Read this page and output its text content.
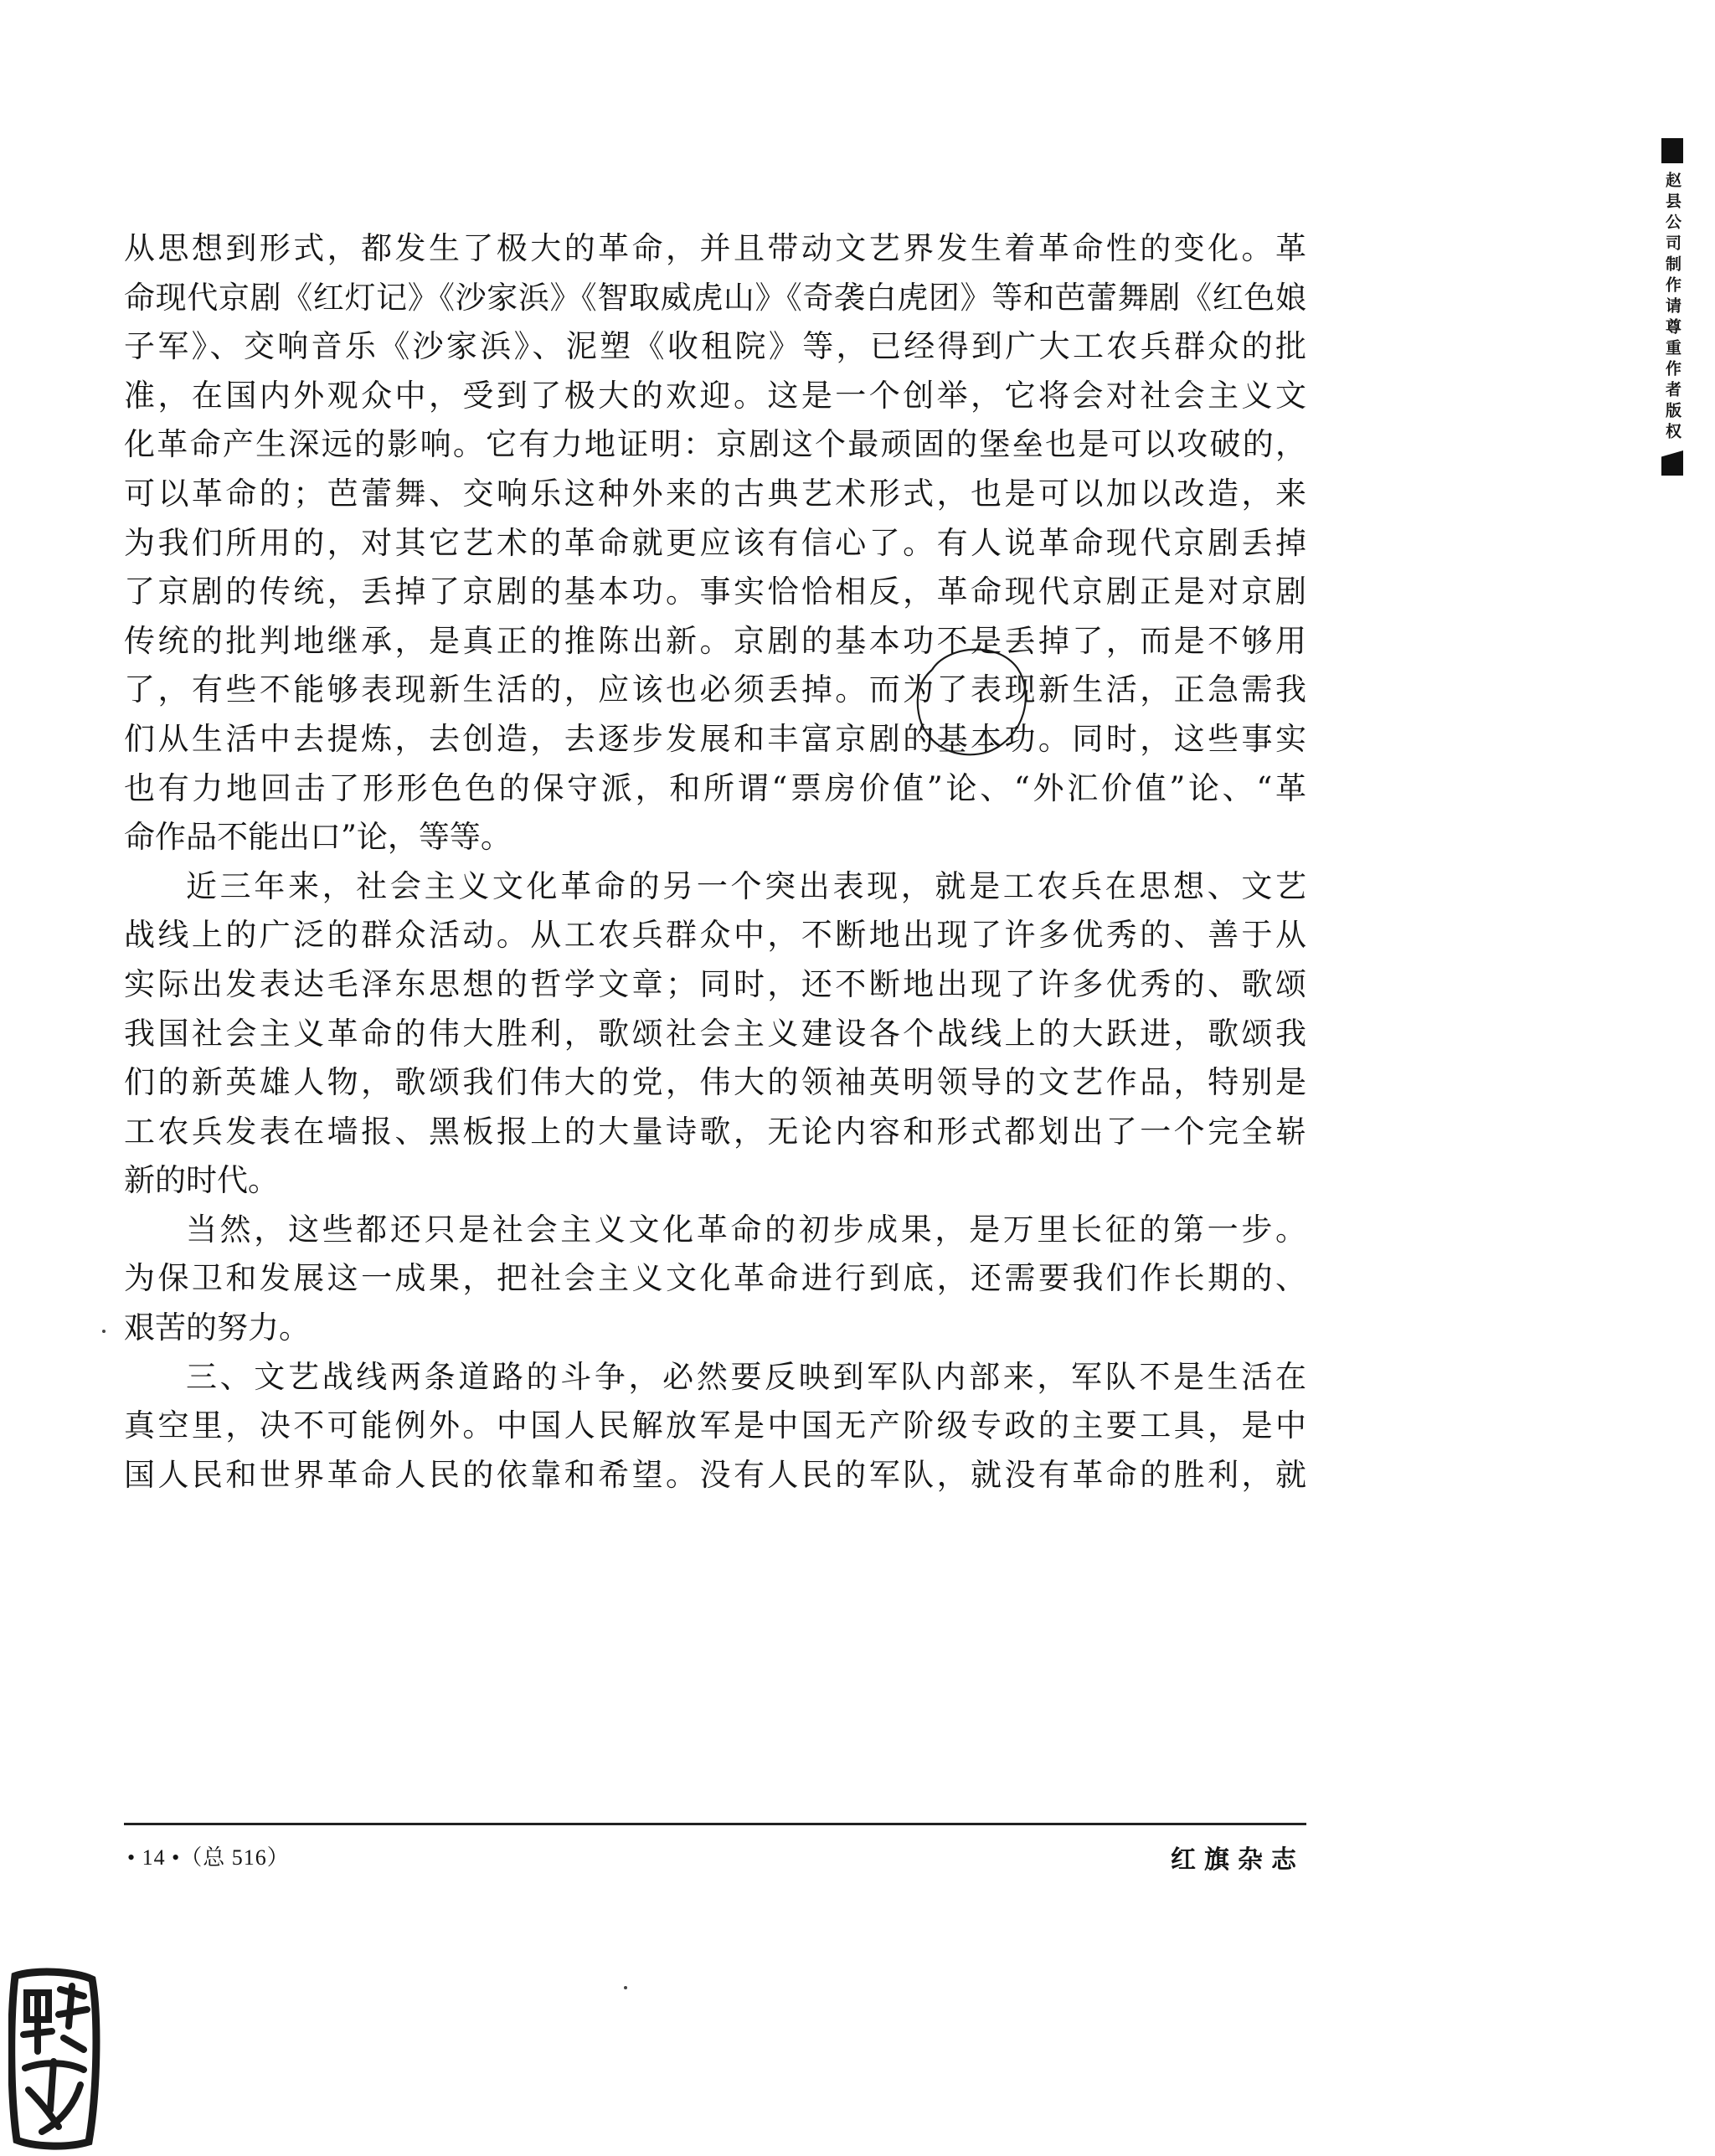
赵县公司制作请尊重作者版权
从思想到形式，都发生了极大的革命，并且带动文艺界发生着革命性的变化。革
命现代京剧《红灯记》《沙家浜》《智取威虎山》《奇袭白虎团》等和芭蕾舞剧《红色娘
子军》、交响音乐《沙家浜》、泥塑《收租院》等，已经得到广大工农兵群众的批
准，在国内外观众中，受到了极大的欢迎。这是一个创举，它将会对社会主义文
化革命产生深远的影响。它有力地证明：京剧这个最顽固的堡垒也是可以攻破的，
可以革命的；芭蕾舞、交响乐这种外来的古典艺术形式，也是可以加以改造，来
为我们所用的，对其它艺术的革命就更应该有信心了。有人说革命现代京剧丢掉
了京剧的传统，丢掉了京剧的基本功。事实恰恰相反，革命现代京剧正是对京剧
传统的批判地继承，是真正的推陈出新。京剧的基本功不是丢掉了，而是不够用
了，有些不能够表现新生活的，应该也必须丢掉。而为了表现新生活，正急需我
们从生活中去提炼，去创造，去逐步发展和丰富京剧的基本功。同时，这些事实
也有力地回击了形形色色的保守派，和所谓“票房价值”论、“外汇价值”论、“革
命作品不能出口”论，等等。
近三年来，社会主义文化革命的另一个突出表现，就是工农兵在思想、文艺
战线上的广泛的群众活动。从工农兵群众中，不断地出现了许多优秀的、善于从
实际出发表达毛泽东思想的哲学文章；同时，还不断地出现了许多优秀的、歌颂
我国社会主义革命的伟大胜利，歌颂社会主义建设各个战线上的大跃进，歌颂我
们的新英雄人物，歌颂我们伟大的党，伟大的领袖英明领导的文艺作品，特别是
工农兵发表在墙报、黑板报上的大量诗歌，无论内容和形式都划出了一个完全崭
新的时代。
当然，这些都还只是社会主义文化革命的初步成果，是万里长征的第一步。
为保卫和发展这一成果，把社会主义文化革命进行到底，还需要我们作长期的、
艰苦的努力。
三、文艺战线两条道路的斗争，必然要反映到军队内部来，军队不是生活在
真空里，决不可能例外。中国人民解放军是中国无产阶级专政的主要工具，是中
国人民和世界革命人民的依靠和希望。没有人民的军队，就没有革命的胜利，就
• 14 •（总 516）	红旗杂志
